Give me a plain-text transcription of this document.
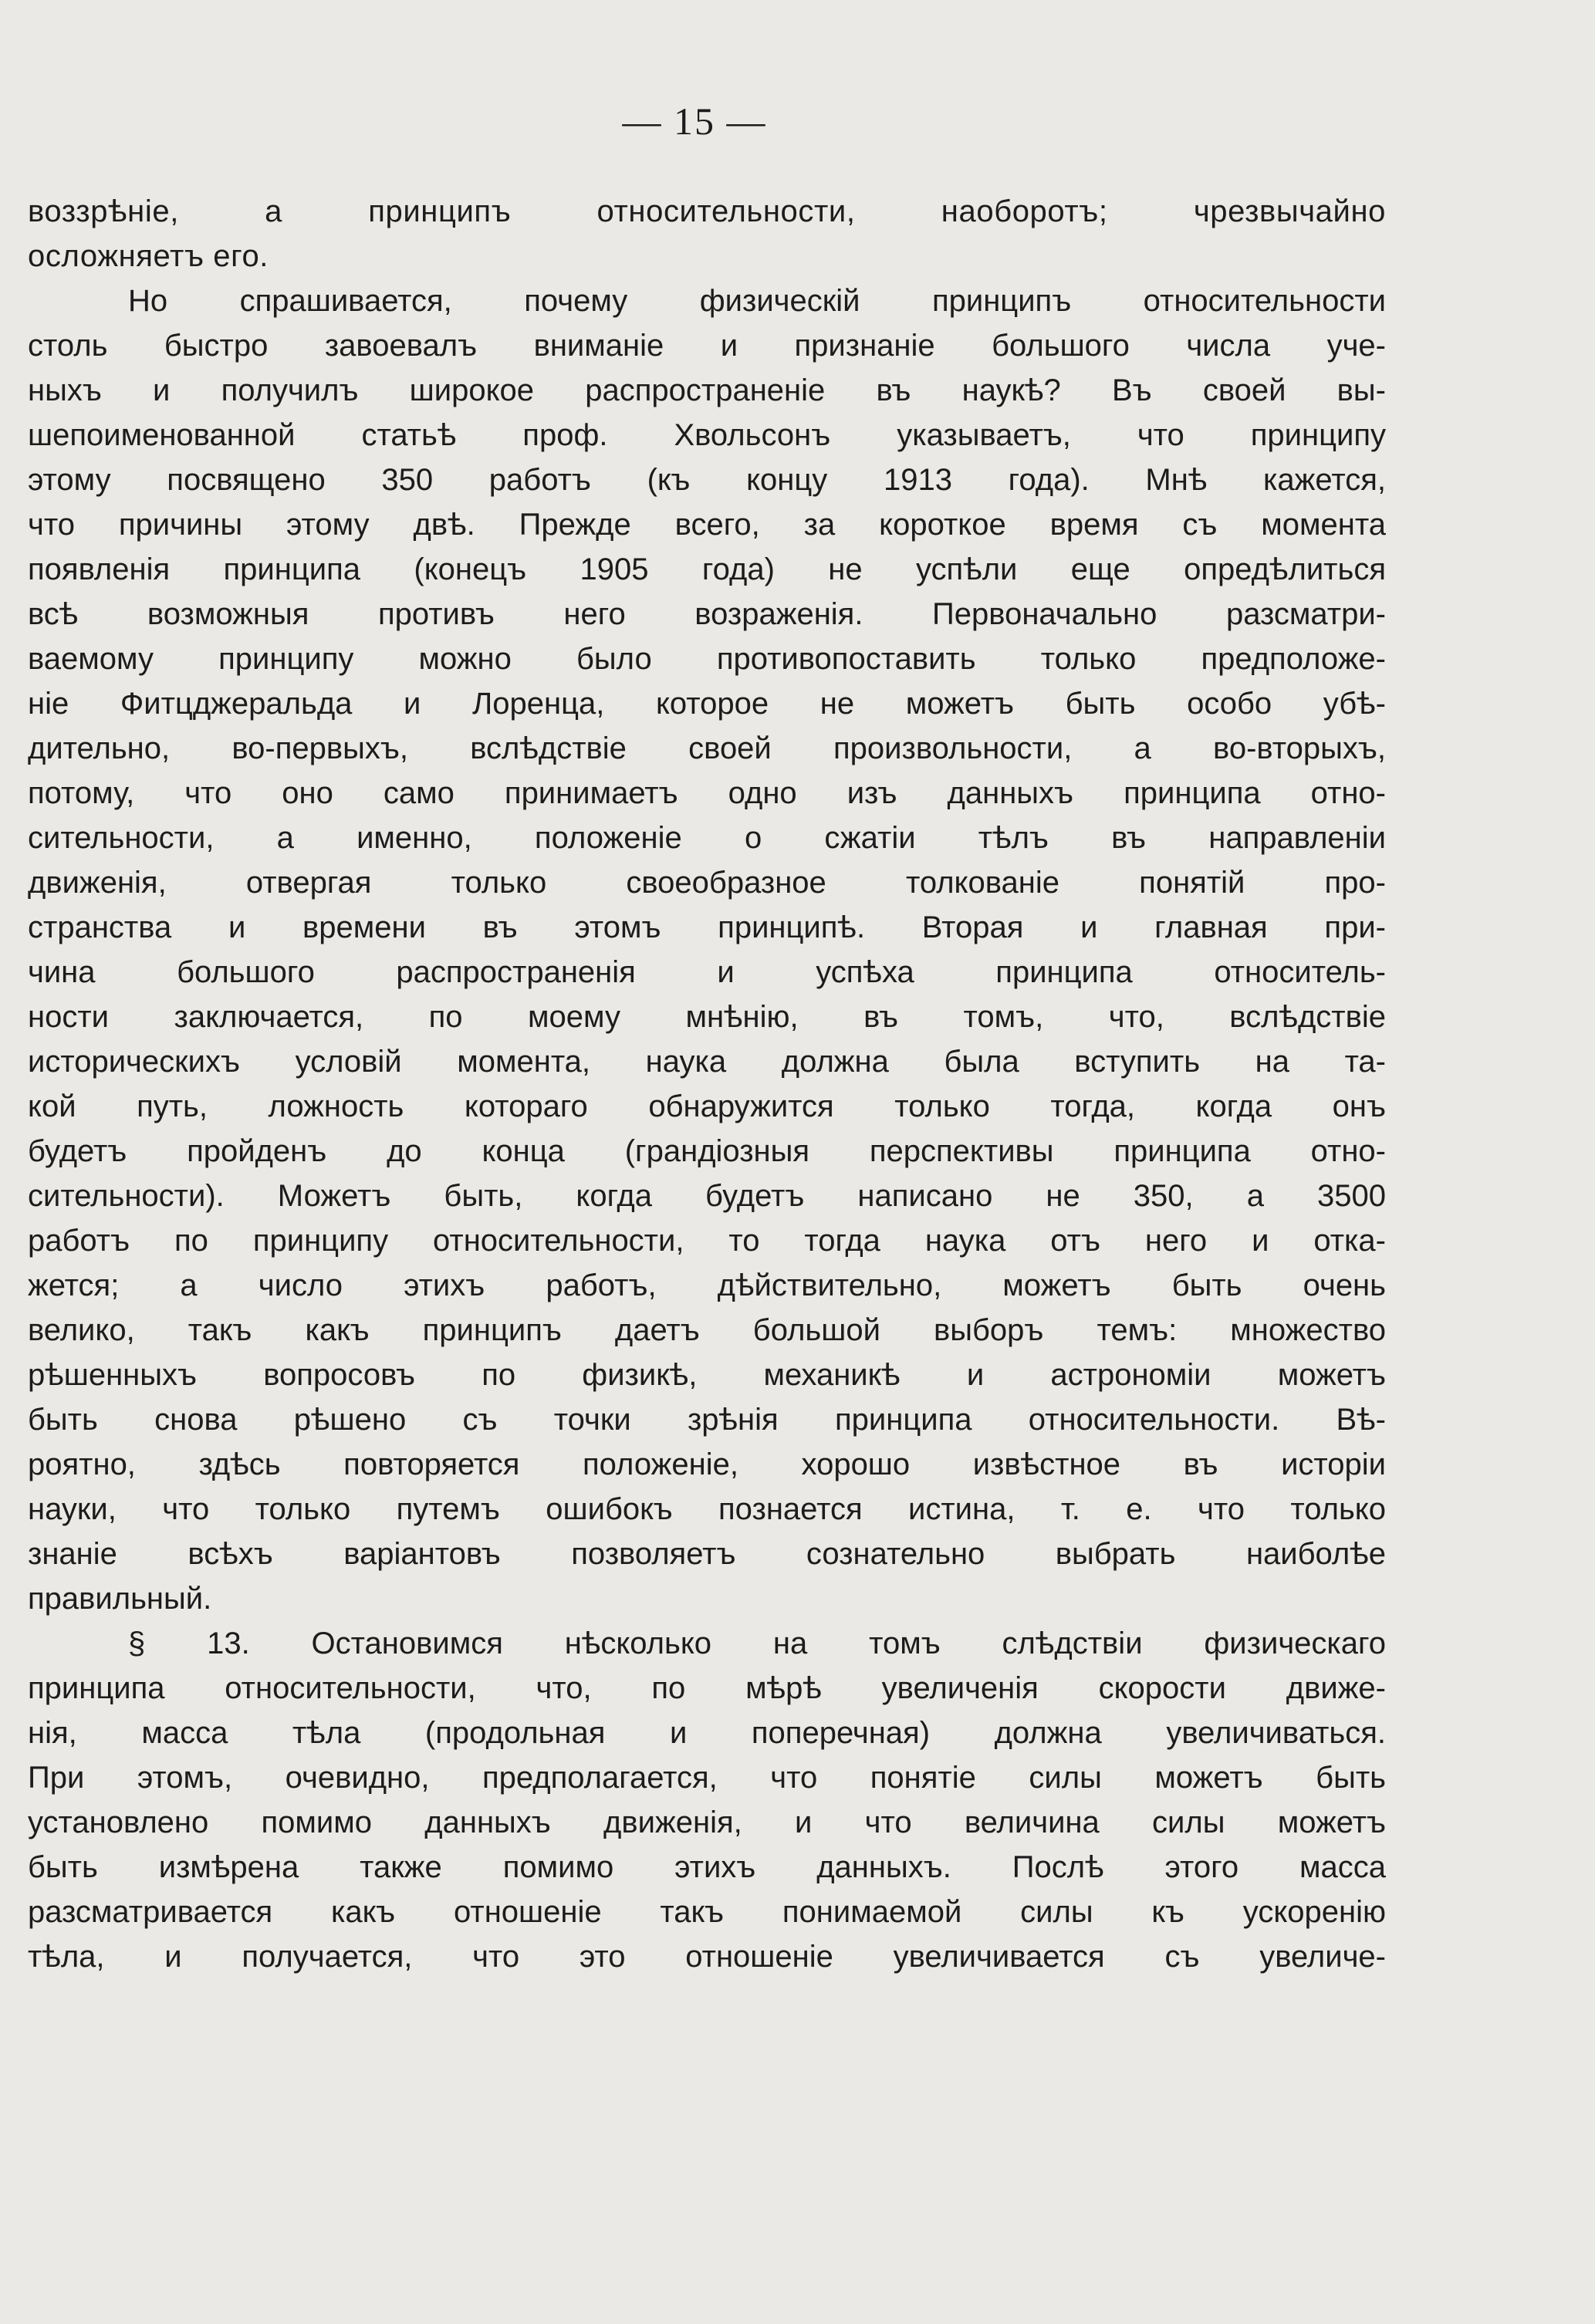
— 15 —
воззрѣніе, а принципъ относительности, наоборотъ; чрезвычайно
осложняетъ его.
Но спрашивается, почему физическій принципъ относительности
столь быстро завоевалъ вниманіе и признаніе большого числа уче-
ныхъ и получилъ широкое распространеніе въ наукѣ? Въ своей вы-
шепоименованной статьѣ проф. Хвольсонъ указываетъ, что принципу
этому посвящено 350 работъ (къ концу 1913 года). Мнѣ кажется,
что причины этому двѣ. Прежде всего, за короткое время съ момента
появленія принципа (конецъ 1905 года) не успѣли еще опредѣлиться
всѣ возможныя противъ него возраженія. Первоначально разсматри-
ваемому принципу можно было противопоставить только предположе-
ніе Фитцджеральда и Лоренца, которое не можетъ быть особо убѣ-
дительно, во-первыхъ, вслѣдствіе своей произвольности, а во-вторыхъ,
потому, что оно само принимаетъ одно изъ данныхъ принципа отно-
сительности, а именно, положеніе о сжатіи тѣлъ въ направленіи
движенія, отвергая только своеобразное толкованіе понятій про-
странства и времени въ этомъ принципѣ. Вторая и главная при-
чина большого распространенія и успѣха принципа относитель-
ности заключается, по моему мнѣнію, въ томъ, что, вслѣдствіе
историческихъ условій момента, наука должна была вступить на та-
кой путь, ложность котораго обнаружится только тогда, когда онъ
будетъ пройденъ до конца (грандіозныя перспективы принципа отно-
сительности). Можетъ быть, когда будетъ написано не 350, а 3500
работъ по принципу относительности, то тогда наука отъ него и отка-
жется; а число этихъ работъ, дѣйствительно, можетъ быть очень
велико, такъ какъ принципъ даетъ большой выборъ темъ: множество
рѣшенныхъ вопросовъ по физикѣ, механикѣ и астрономіи можетъ
быть снова рѣшено съ точки зрѣнія принципа относительности. Вѣ-
роятно, здѣсь повторяется положеніе, хорошо извѣстное въ исторіи
науки, что только путемъ ошибокъ познается истина, т. е. что только
знаніе всѣхъ варіантовъ позволяетъ сознательно выбрать наиболѣе
правильный.
§ 13. Остановимся нѣсколько на томъ слѣдствіи физическаго
принципа относительности, что, по мѣрѣ увеличенія скорости движе-
нія, масса тѣла (продольная и поперечная) должна увеличиваться.
При этомъ, очевидно, предполагается, что понятіе силы можетъ быть
установлено помимо данныхъ движенія, и что величина силы можетъ
быть измѣрена также помимо этихъ данныхъ. Послѣ этого масса
разсматривается какъ отношеніе такъ понимаемой силы къ ускоренію
тѣла, и получается, что это отношеніе увеличивается съ увеличе-
